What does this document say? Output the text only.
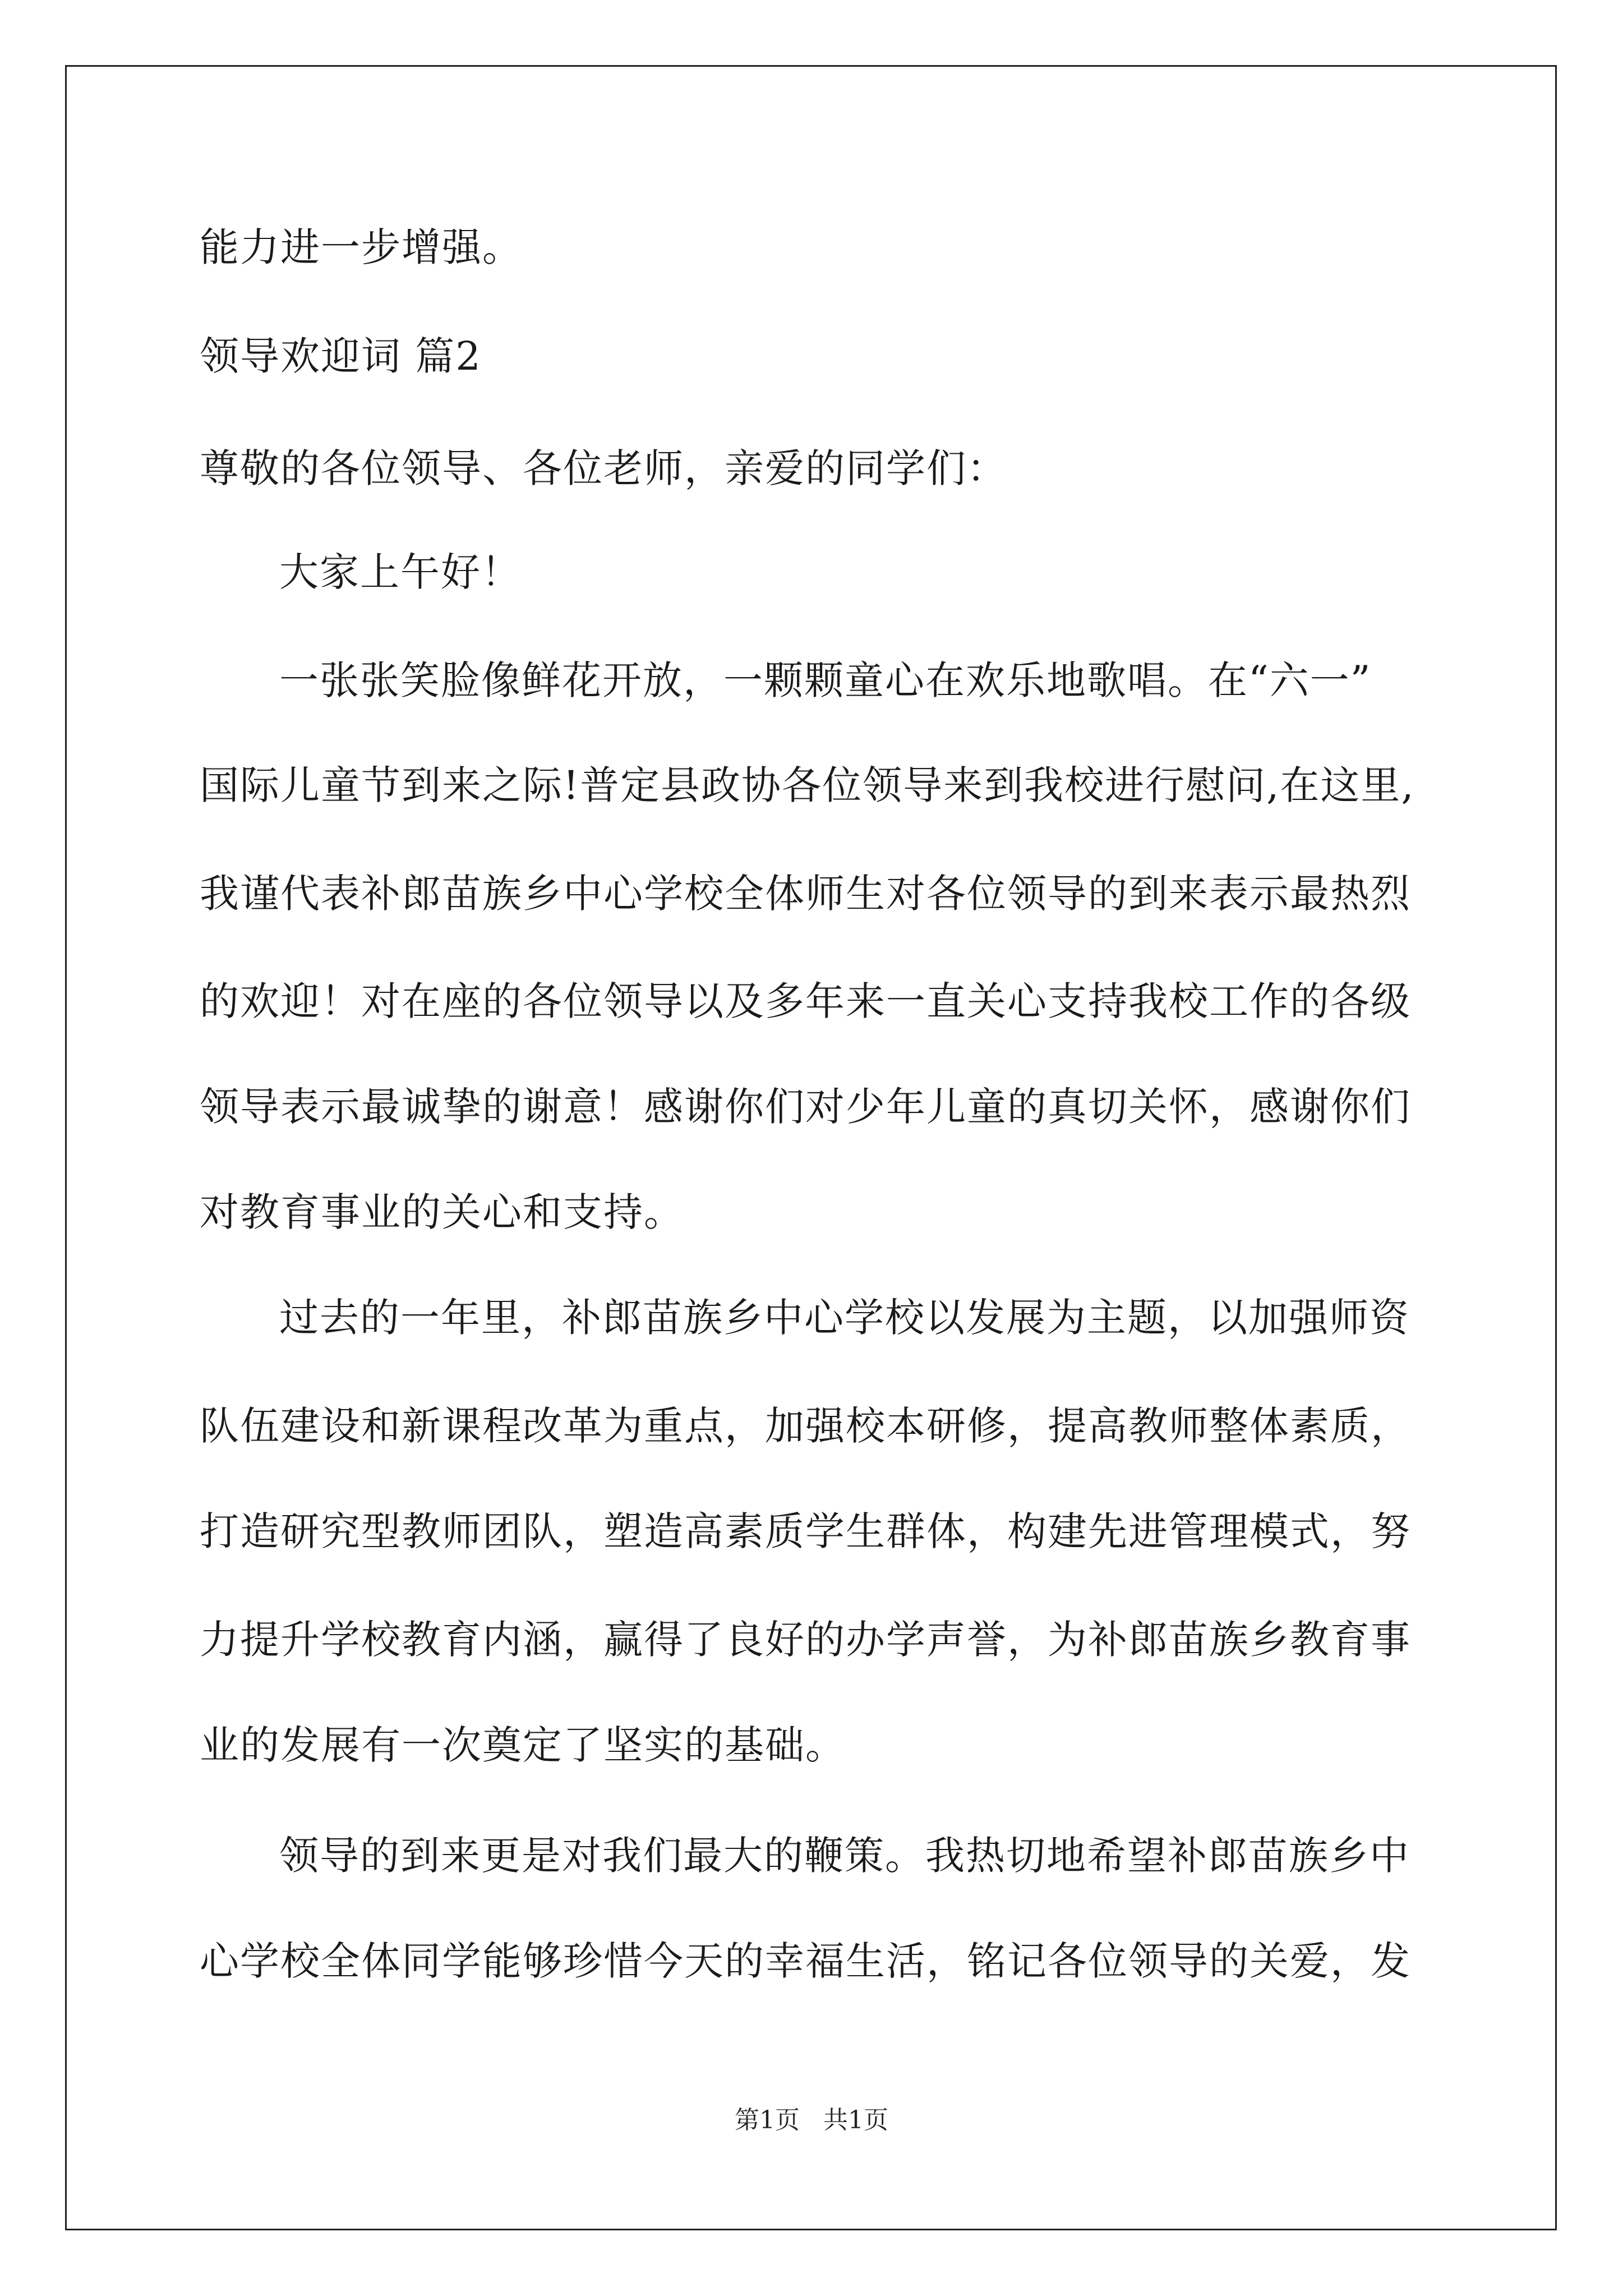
能力进一步增强。
领导欢迎词 篇2
尊敬的各位领导、各位老师，亲爱的同学们：
大家上午好！
一张张笑脸像鲜花开放，一颗颗童心在欢乐地歌唱。在“六一”
国际儿童节到来之际!普定县政协各位领导来到我校进行慰问,在这里,
我谨代表补郎苗族乡中心学校全体师生对各位领导的到来表示最热烈
的欢迎！对在座的各位领导以及多年来一直关心支持我校工作的各级
领导表示最诚挚的谢意！感谢你们对少年儿童的真切关怀，感谢你们
对教育事业的关心和支持。
过去的一年里，补郎苗族乡中心学校以发展为主题，以加强师资
队伍建设和新课程改革为重点，加强校本研修，提高教师整体素质，
打造研究型教师团队，塑造高素质学生群体，构建先进管理模式，努
力提升学校教育内涵，赢得了良好的办学声誉，为补郎苗族乡教育事
业的发展有一次奠定了坚实的基础。
领导的到来更是对我们最大的鞭策。我热切地希望补郎苗族乡中
心学校全体同学能够珍惜今天的幸福生活，铭记各位领导的关爱，发
第1页 共1页
